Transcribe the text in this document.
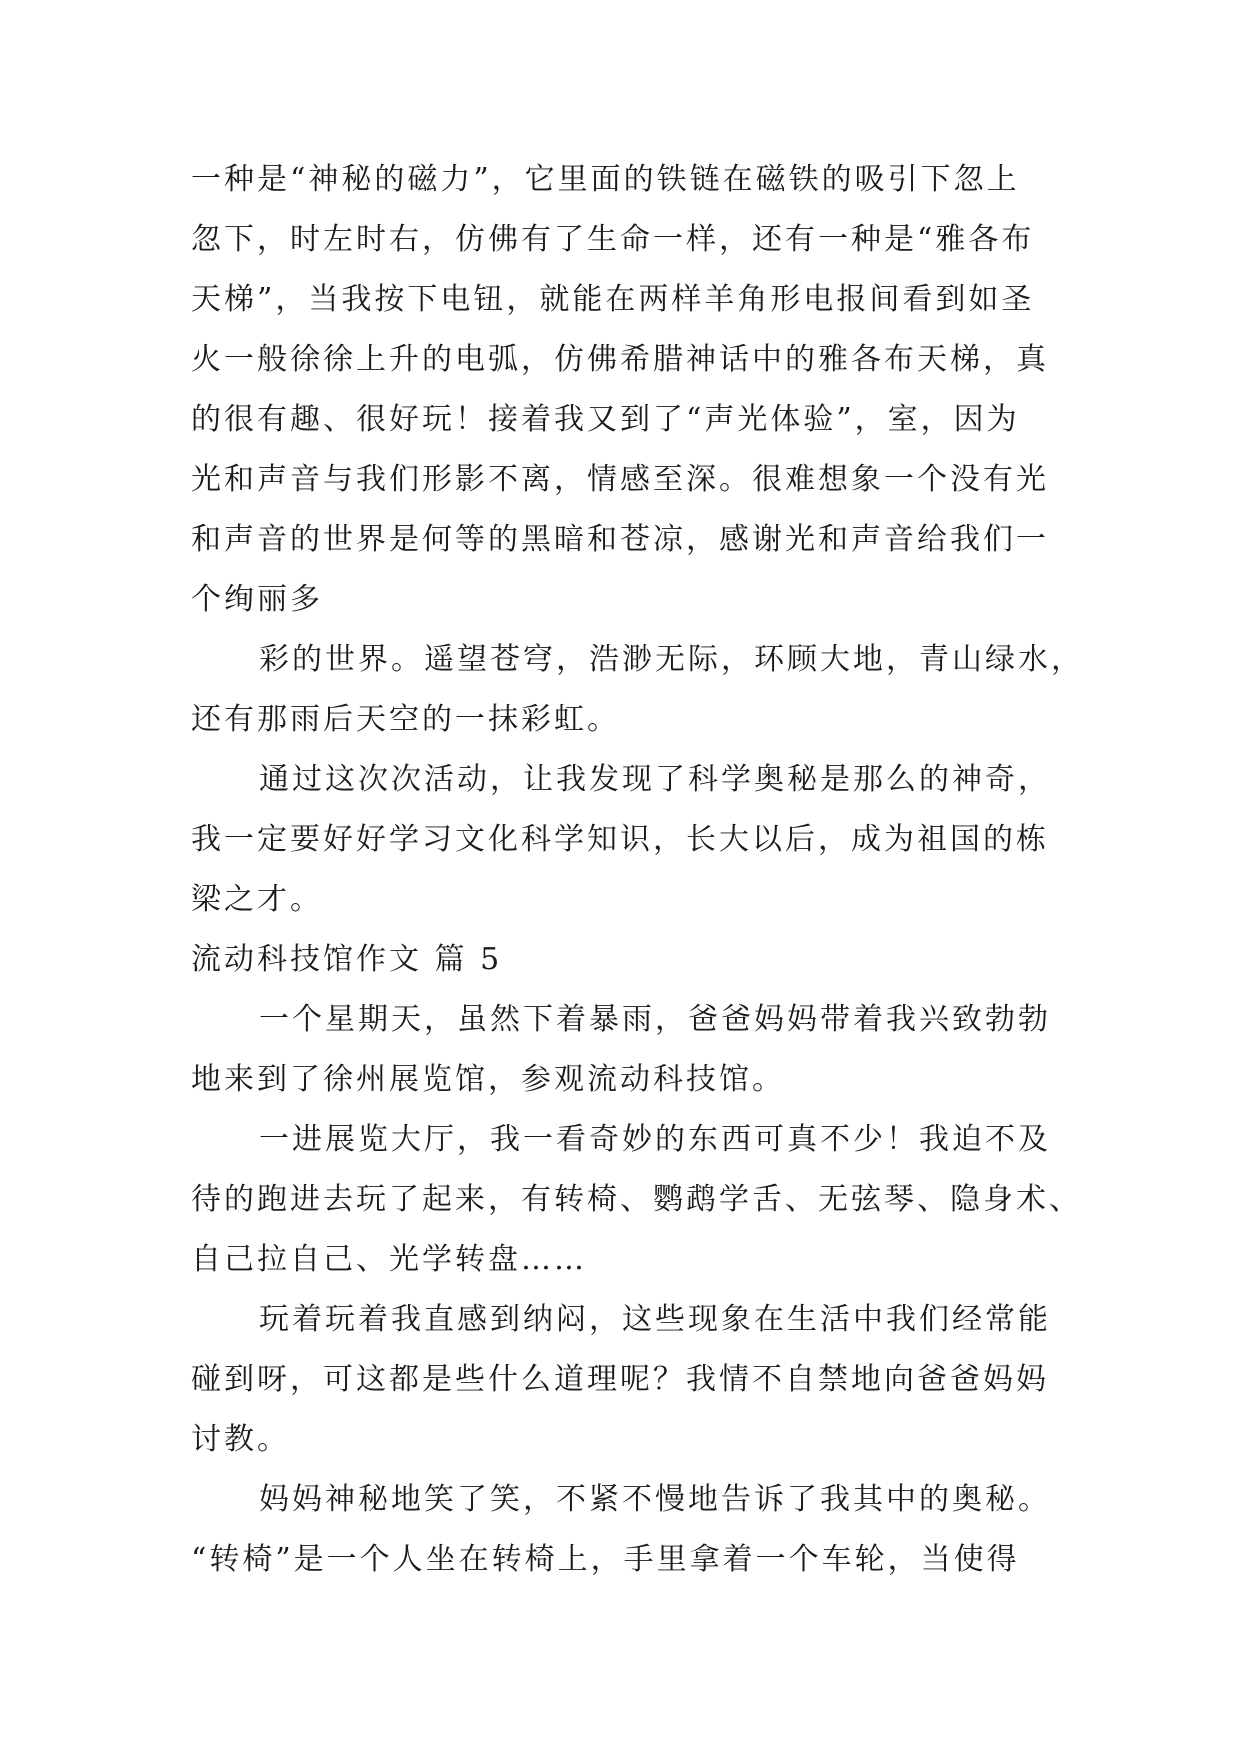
一种是“神秘的磁力”，它里面的铁链在磁铁的吸引下忽上
忽下，时左时右，仿佛有了生命一样，还有一种是“雅各布
天梯”，当我按下电钮，就能在两样羊角形电报间看到如圣
火一般徐徐上升的电弧，仿佛希腊神话中的雅各布天梯，真
的很有趣、很好玩！接着我又到了“声光体验”，室，因为
光和声音与我们形影不离，情感至深。很难想象一个没有光
和声音的世界是何等的黑暗和苍凉，感谢光和声音给我们一
个绚丽多
彩的世界。遥望苍穹，浩渺无际，环顾大地，青山绿水，
还有那雨后天空的一抹彩虹。
通过这次次活动，让我发现了科学奥秘是那么的神奇，
我一定要好好学习文化科学知识，长大以后，成为祖国的栋
梁之才。
流动科技馆作文 篇 5
一个星期天，虽然下着暴雨，爸爸妈妈带着我兴致勃勃
地来到了徐州展览馆，参观流动科技馆。
一进展览大厅，我一看奇妙的东西可真不少！我迫不及
待的跑进去玩了起来，有转椅、鹦鹉学舌、无弦琴、隐身术、
自己拉自己、光学转盘……
玩着玩着我直感到纳闷，这些现象在生活中我们经常能
碰到呀，可这都是些什么道理呢？我情不自禁地向爸爸妈妈
讨教。
妈妈神秘地笑了笑，不紧不慢地告诉了我其中的奥秘。
“转椅”是一个人坐在转椅上，手里拿着一个车轮，当使得
